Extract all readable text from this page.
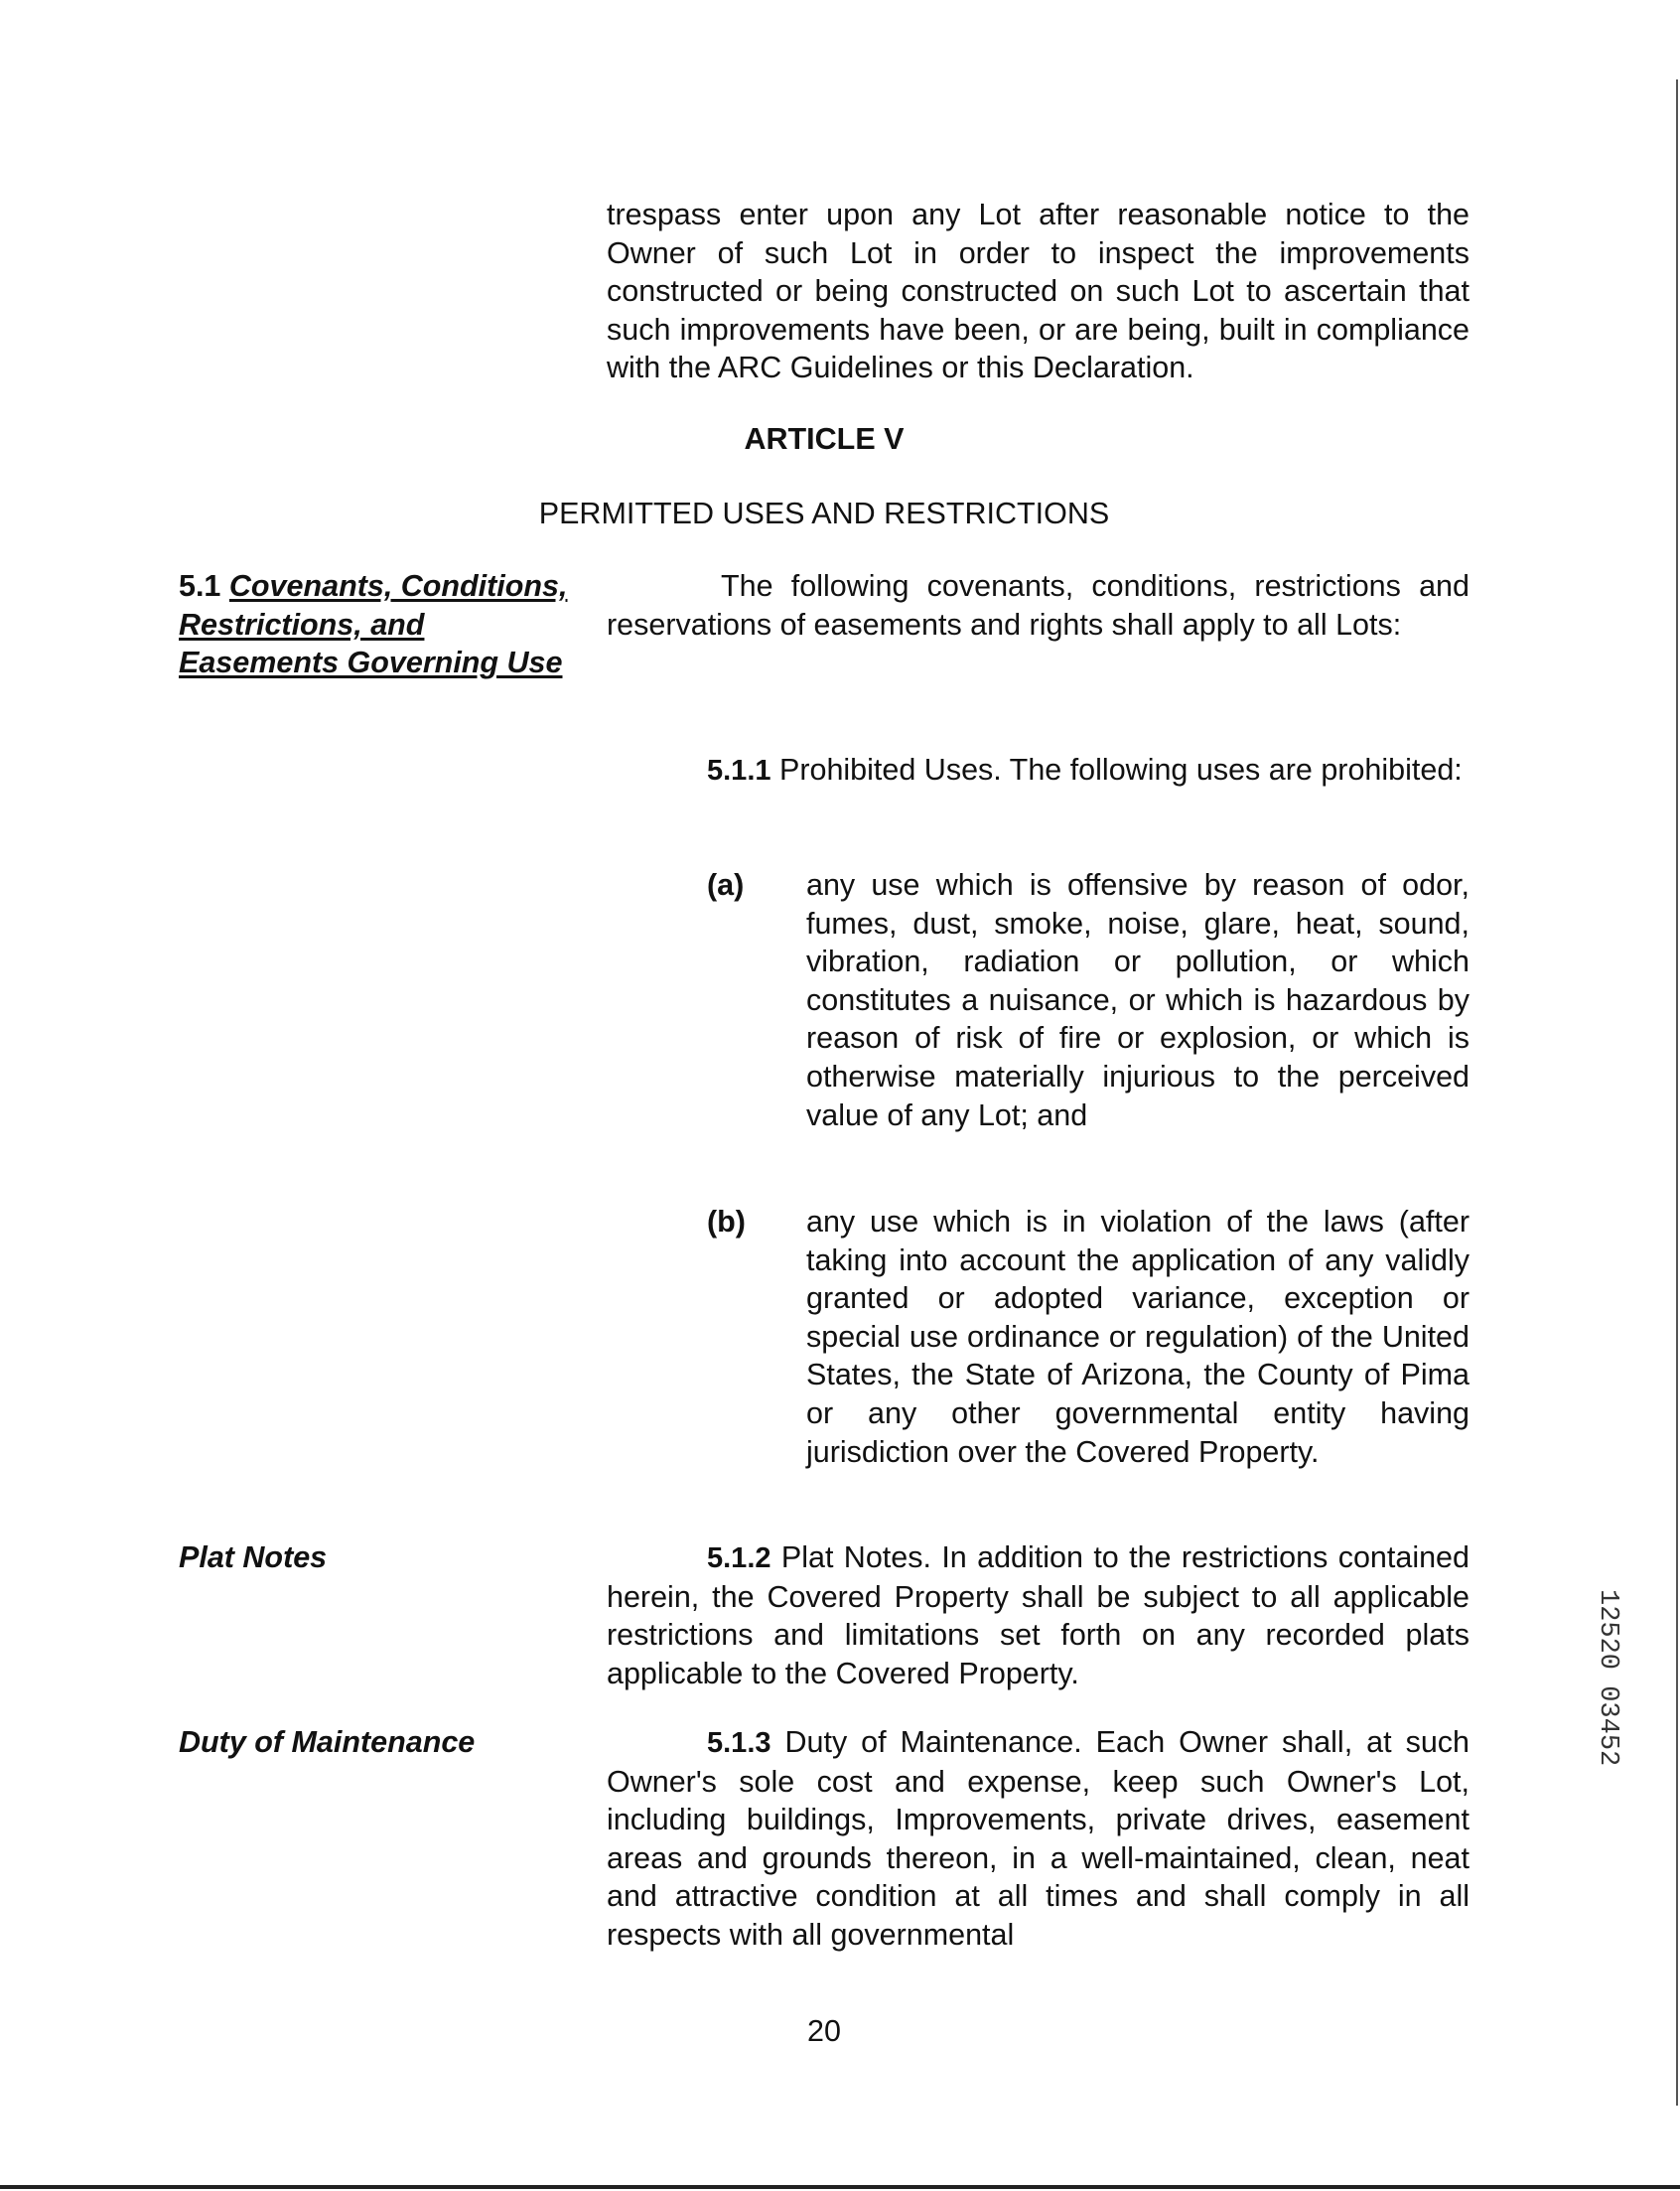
trespass enter upon any Lot after reasonable notice to the Owner of such Lot in order to inspect the improvements constructed or being constructed on such Lot to ascertain that such improvements have been, or are being, built in compliance with the ARC Guidelines or this Declaration.

ARTICLE V

PERMITTED USES AND RESTRICTIONS

5.1 Covenants, Conditions, Restrictions, and Easements Governing Use

The following covenants, conditions, restrictions and reservations of easements and rights shall apply to all Lots:

5.1.1 Prohibited Uses. The following uses are prohibited:

(a) any use which is offensive by reason of odor, fumes, dust, smoke, noise, glare, heat, sound, vibration, radiation or pollution, or which constitutes a nuisance, or which is hazardous by reason of risk of fire or explosion, or which is otherwise materially injurious to the perceived value of any Lot; and

(b) any use which is in violation of the laws (after taking into account the application of any validly granted or adopted variance, exception or special use ordinance or regulation) of the United States, the State of Arizona, the County of Pima or any other governmental entity having jurisdiction over the Covered Property.

Plat Notes	5.1.2 Plat Notes. In addition to the restrictions contained herein, the Covered Property shall be subject to all applicable restrictions and limitations set forth on any recorded plats applicable to the Covered Property.

Duty of Maintenance	5.1.3 Duty of Maintenance. Each Owner shall, at such Owner's sole cost and expense, keep such Owner's Lot, including buildings, Improvements, private drives, easement areas and grounds thereon, in a well-maintained, clean, neat and attractive condition at all times and shall comply in all respects with all governmental

20
12520 03452
